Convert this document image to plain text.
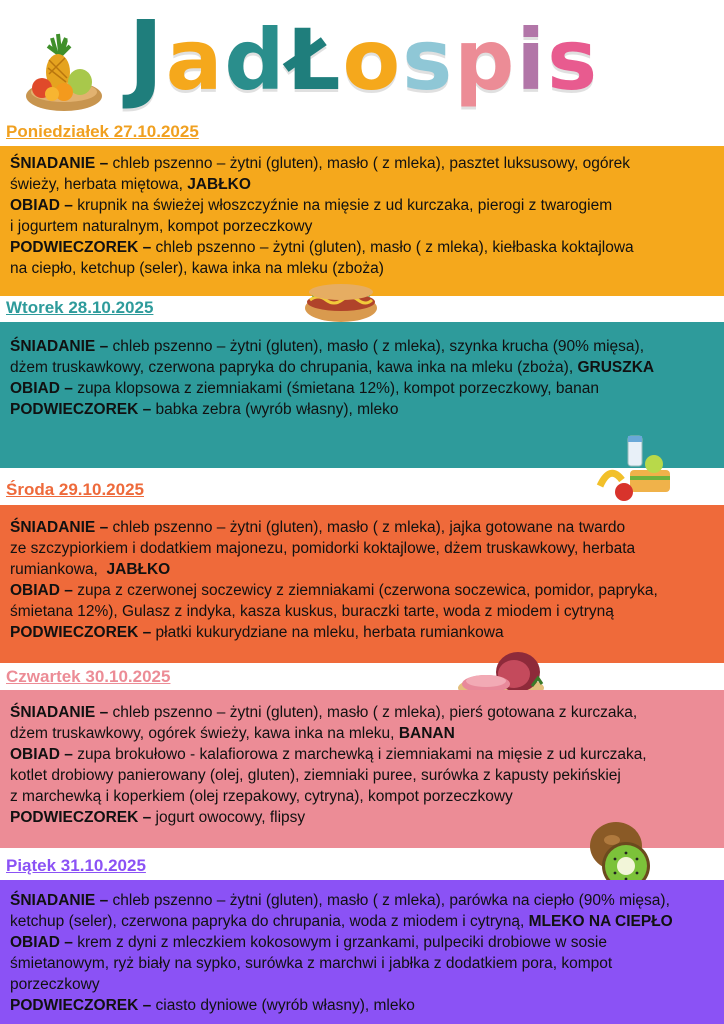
JadŁospis
Poniedziałek 27.10.2025

ŚNIADANIE – chleb pszenno – żytni (gluten), masło ( z mleka), pasztet luksusowy, ogórek

świeży, herbata miętowa, JABŁKO

OBIAD – krupnik na świeżej włoszczyźnie na mięsie z ud kurczaka, pierogi z twarogiem

i jogurtem naturalnym, kompot porzeczkowy

PODWIECZOREK – chleb pszenno – żytni (gluten), masło ( z mleka), kiełbaska koktajlowa

na ciepło, ketchup (seler), kawa inka na mleku (zboża)

Wtorek 28.10.2025

ŚNIADANIE – chleb pszenno – żytni (gluten), masło ( z mleka), szynka krucha (90% mięsa),

dżem truskawkowy, czerwona papryka do chrupania, kawa inka na mleku (zboża), GRUSZKA

OBIAD – zupa klopsowa z ziemniakami (śmietana 12%), kompot porzeczkowy, banan

PODWIECZOREK – babka zebra (wyrób własny), mleko

Środa 29.10.2025

ŚNIADANIE – chleb pszenno – żytni (gluten), masło ( z mleka), jajka gotowane na twardo

ze szczypiorkiem i dodatkiem majonezu, pomidorki koktajlowe, dżem truskawkowy, herbata

rumiankowa, JABŁKO

OBIAD – zupa z czerwonej soczewicy z ziemniakami (czerwona soczewica, pomidor, papryka,

śmietana 12%), Gulasz z indyka, kasza kuskus, buraczki tarte, woda z miodem i cytryną

PODWIECZOREK – płatki kukurydziane na mleku, herbata rumiankowa

Czwartek 30.10.2025

ŚNIADANIE – chleb pszenno – żytni (gluten), masło ( z mleka), pierś gotowana z kurczaka,

dżem truskawkowy, ogórek świeży, kawa inka na mleku, BANAN

OBIAD – zupa brokułowo - kalafiorowa z marchewką i ziemniakami na mięsie z ud kurczaka,

kotlet drobiowy panierowany (olej, gluten), ziemniaki puree, surówka z kapusty pekińskiej

z marchewką i koperkiem (olej rzepakowy, cytryna), kompot porzeczkowy

PODWIECZOREK – jogurt owocowy, flipsy

Piątek 31.10.2025

ŚNIADANIE – chleb pszenno – żytni (gluten), masło ( z mleka), parówka na ciepło (90% mięsa),

ketchup (seler), czerwona papryka do chrupania, woda z miodem i cytryną, MLEKO NA CIEPŁO

OBIAD – krem z dyni z mleczkiem kokosowym i grzankami, pulpeciki drobiowe w sosie

śmietanowym, ryż biały na sypko, surówka z marchwi i jabłka z dodatkiem pora, kompot

porzeczkowy

PODWIECZOREK – ciasto dyniowe (wyrób własny), mleko
